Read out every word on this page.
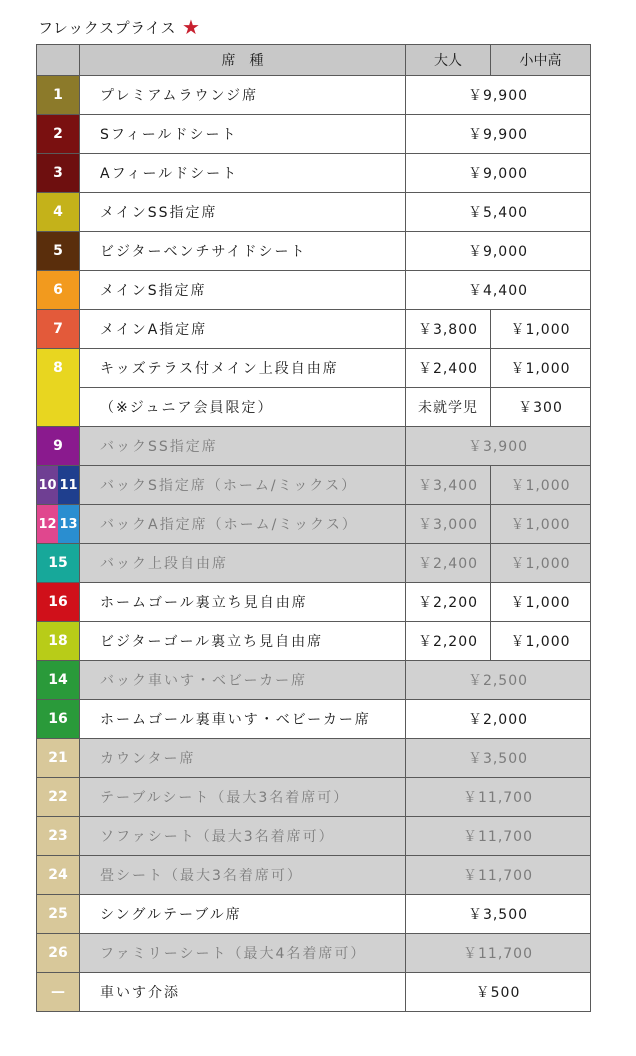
フレックスプライス ★
	席　種	大人	小中高
1	プレミアムラウンジ席	￥9,900	
2	Sフィールドシート	￥9,900	
3	Aフィールドシート	￥9,000	
4	メインSS指定席	￥5,400	
5	ビジターベンチサイドシート	￥9,000	
6	メインS指定席	￥4,400	
7	メインA指定席	￥3,800	￥1,000
8	キッズテラス付メイン上段自由席	￥2,400	￥1,000
	（※ジュニア会員限定）	未就学児	￥300
9	バックSS指定席	￥3,900	

10 11	バックS指定席（ホーム/ミックス）	￥3,400	￥1,000

12 13	バックA指定席（ホーム/ミックス）	￥3,000	￥1,000
15	バック上段自由席	￥2,400	￥1,000
16	ホームゴール裏立ち見自由席	￥2,200	￥1,000
18	ビジターゴール裏立ち見自由席	￥2,200	￥1,000
14	バック車いす・ベビーカー席	￥2,500	
16	ホームゴール裏車いす・ベビーカー席	￥2,000	
21	カウンター席	￥3,500	
22	テーブルシート（最大3名着席可）	￥11,700	
23	ソファシート（最大3名着席可）	￥11,700	
24	畳シート（最大3名着席可）	￥11,700	
25	シングルテーブル席	￥3,500	
26	ファミリーシート（最大4名着席可）	￥11,700	
—	車いす介添	￥500	
